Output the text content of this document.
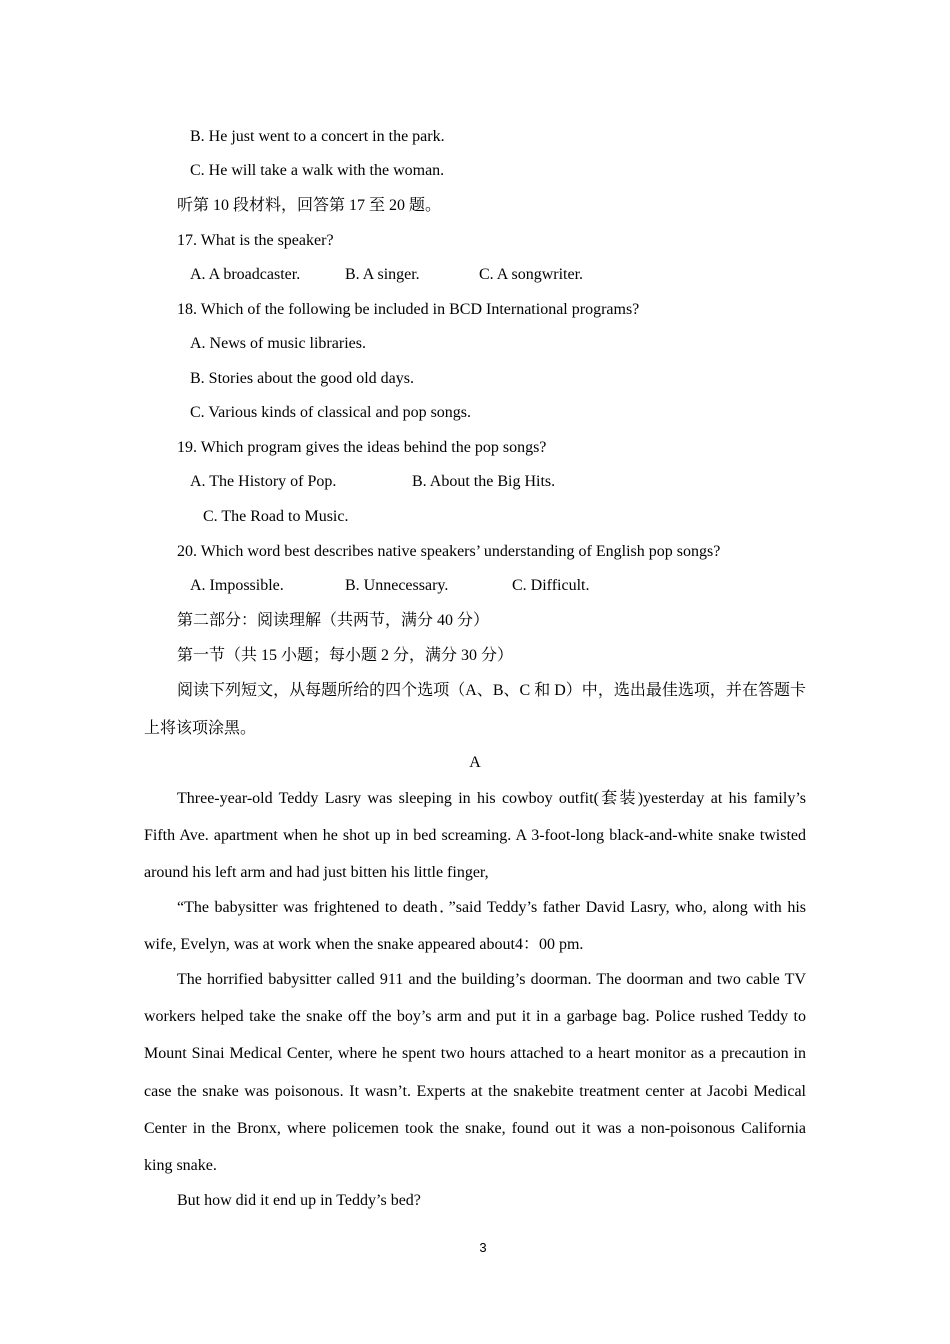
B. He just went to a concert in the park.
C. He will take a walk with the woman.
听第 10 段材料，回答第 17 至 20 题。
17. What is the speaker?
A. A broadcaster.	B. A singer.	C. A songwriter.
18. Which of the following be included in BCD International programs?
A. News of music libraries.
B. Stories about the good old days.
C. Various kinds of classical and pop songs.
19. Which program gives the ideas behind the pop songs?
A. The History of Pop.	B. About the Big Hits.
C. The Road to Music.
20. Which word best describes native speakers’ understanding of English pop songs?
A. Impossible.	B. Unnecessary.	C. Difficult.
第二部分：阅读理解（共两节，满分 40 分）
第一节（共 15 小题；每小题 2 分，满分 30 分）

阅读下列短文，从每题所给的四个选项（A、B、C 和 D）中，选出最佳选项，并在答题卡上将该项涂黑。

A

Three-year-old Teddy Lasry was sleeping in his cowboy outfit(套装)yesterday at his family’s Fifth Ave. apartment when he shot up in bed screaming. A 3-foot-long black-and-white snake twisted around his left arm and had just bitten his little finger,

“The babysitter was frightened to death．”said Teddy’s father David Lasry, who, along with his wife, Evelyn, was at work when the snake appeared about4：00 pm.

The horrified babysitter called 911 and the building’s doorman. The doorman and two cable TV workers helped take the snake off the boy’s arm and put it in a garbage bag. Police rushed Teddy to Mount Sinai Medical Center, where he spent two hours attached to a heart monitor as a precaution in case the snake was poisonous. It wasn’t. Experts at the snakebite treatment center at Jacobi Medical Center in the Bronx, where policemen took the snake, found out it was a non-poisonous California king snake.

But how did it end up in Teddy’s bed?

3
